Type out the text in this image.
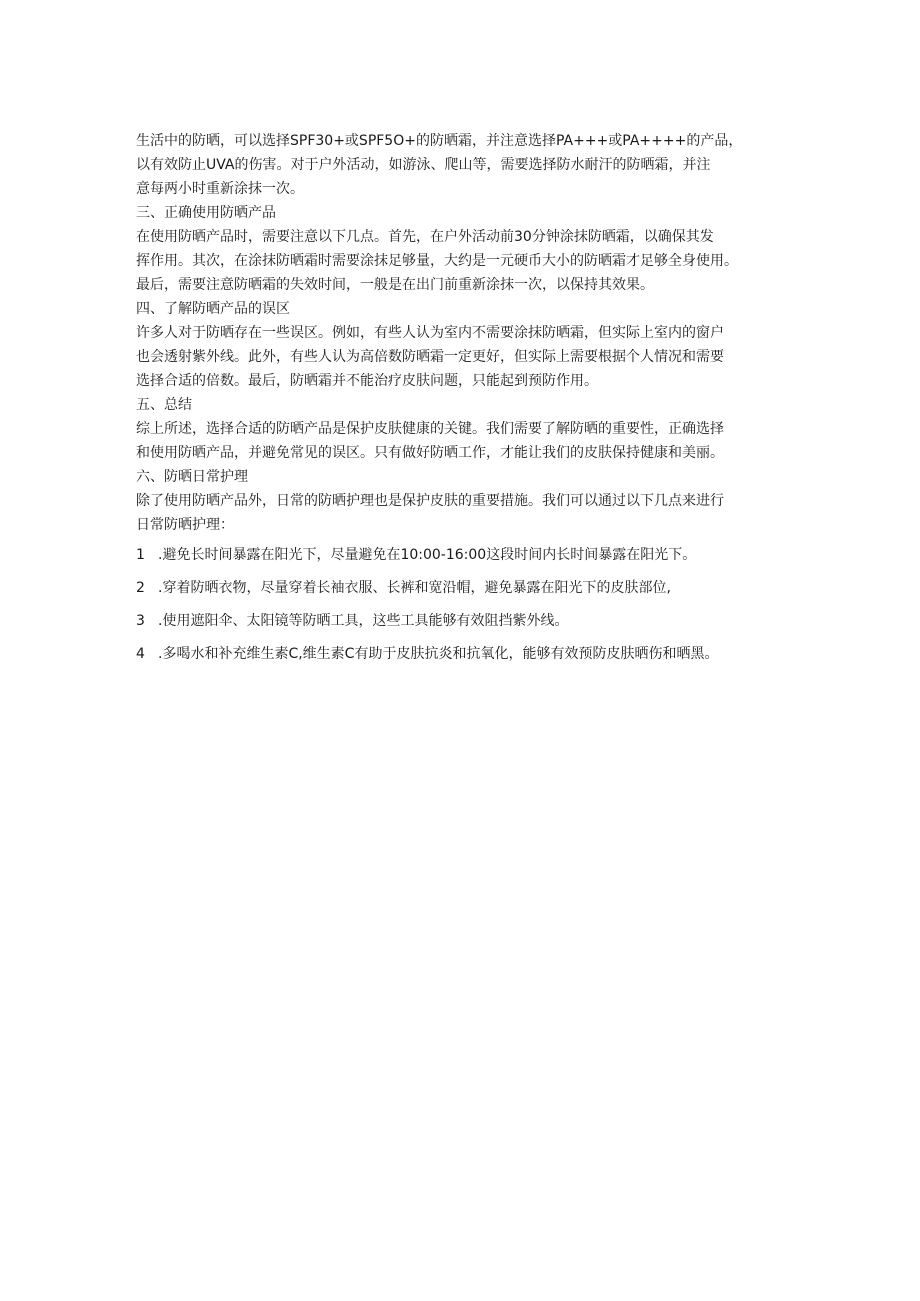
生活中的防晒，可以选择SPF30+或SPF5O+的防晒霜，并注意选择PA+++或PA++++的产品，
以有效防止UVA的伤害。对于户外活动，如游泳、爬山等，需要选择防水耐汗的防晒霜，并注
意每两小时重新涂抹一次。
三、正确使用防晒产品
在使用防晒产品时，需要注意以下几点。首先，在户外活动前30分钟涂抹防晒霜，以确保其发
挥作用。其次，在涂抹防晒霜时需要涂抹足够量，大约是一元硬币大小的防晒霜才足够全身使用。
最后，需要注意防晒霜的失效时间，一般是在出门前重新涂抹一次，以保持其效果。
四、了解防晒产品的误区
许多人对于防晒存在一些误区。例如，有些人认为室内不需要涂抹防晒霜，但实际上室内的窗户
也会透射紫外线。此外，有些人认为高倍数防晒霜一定更好，但实际上需要根据个人情况和需要
选择合适的倍数。最后，防晒霜并不能治疗皮肤问题，只能起到预防作用。
五、总结
综上所述，选择合适的防晒产品是保护皮肤健康的关键。我们需要了解防晒的重要性，正确选择
和使用防晒产品，并避免常见的误区。只有做好防晒工作，才能让我们的皮肤保持健康和美丽。
六、防晒日常护理
除了使用防晒产品外，日常的防晒护理也是保护皮肤的重要措施。我们可以通过以下几点来进行
日常防晒护理：
1 .避免长时间暴露在阳光下，尽量避免在10:00-16:00这段时间内长时间暴露在阳光下。
2 .穿着防晒衣物，尽量穿着长袖衣服、长裤和宽沿帽，避免暴露在阳光下的皮肤部位,
3 .使用遮阳伞、太阳镜等防晒工具，这些工具能够有效阻挡紫外线。
4 .多喝水和补充维生素C,维生素C有助于皮肤抗炎和抗氧化，能够有效预防皮肤晒伤和晒黑。
